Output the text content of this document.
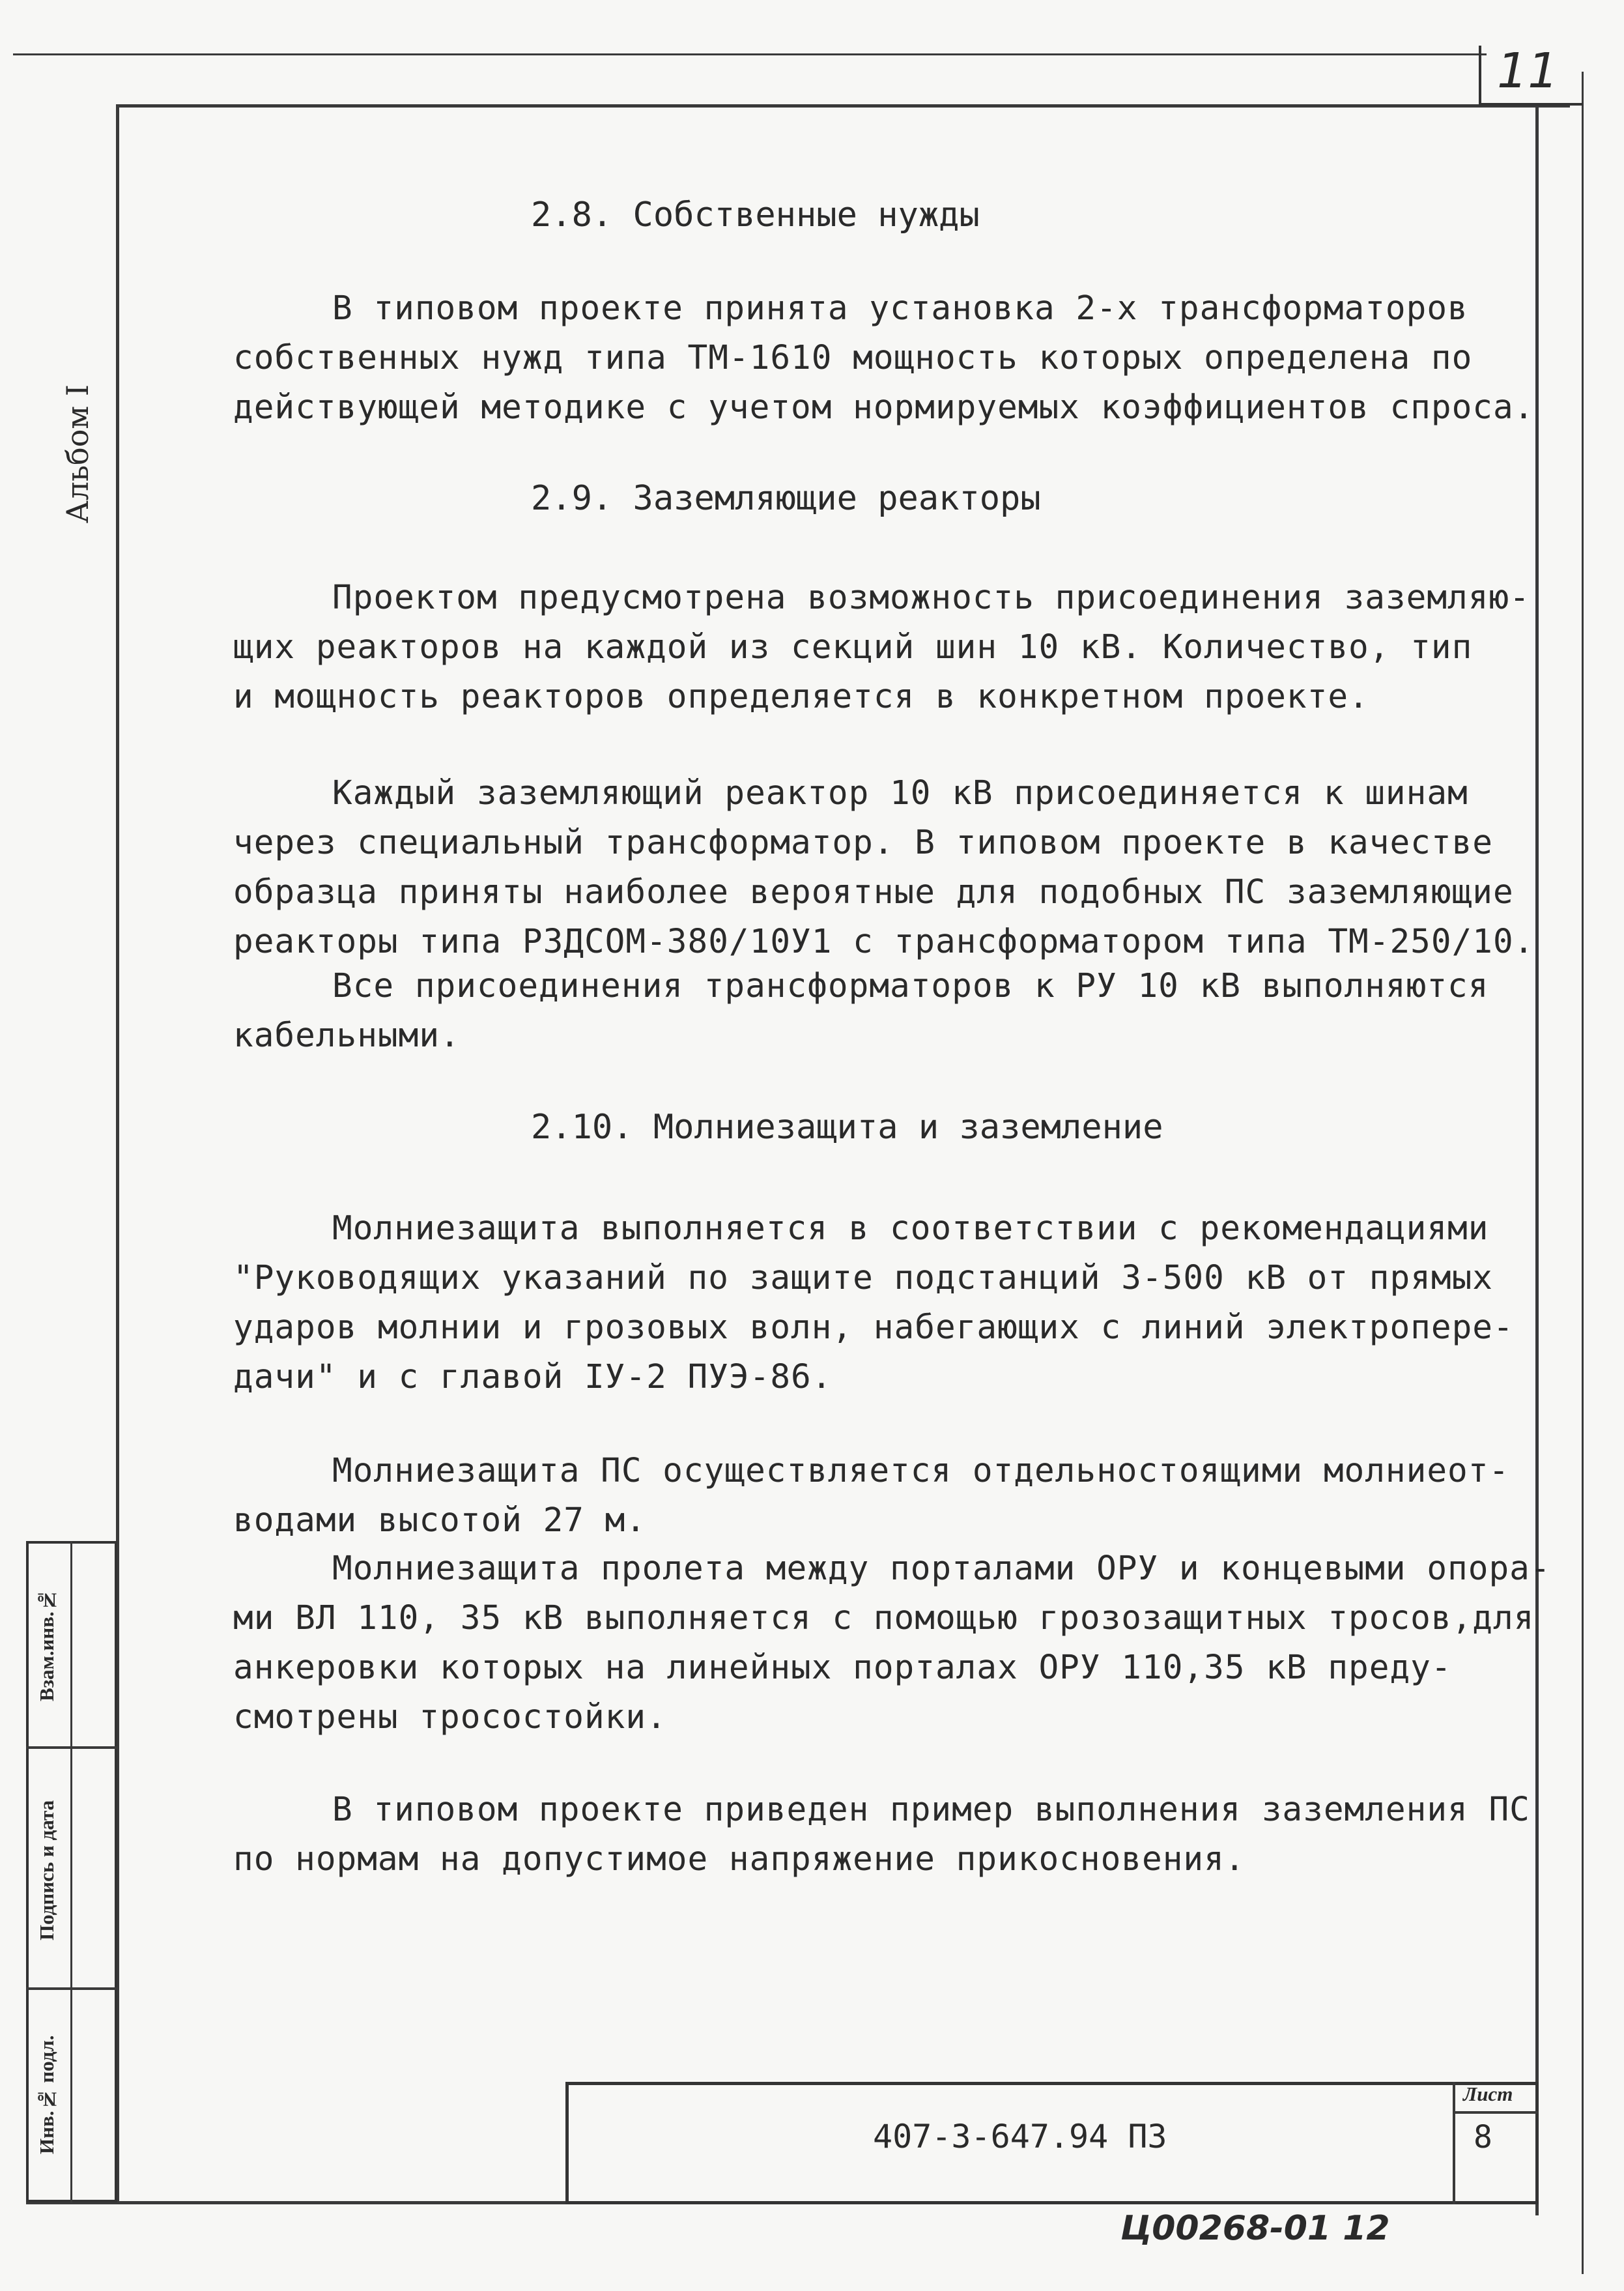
11
Альбом I
Взам.инв.№
Подпись и дата
Инв.№ подл.
2.8. Собственные нужды
В типовом проекте принята установка 2-х трансформаторов
собственных нужд типа ТМ-1610 мощность которых определена по
действующей методике с учетом нормируемых коэффициентов спроса.
2.9. Заземляющие реакторы
Проектом предусмотрена возможность присоединения заземляю-
щих реакторов на каждой из секций шин 10 кВ. Количество, тип
и мощность реакторов определяется в конкретном проекте.
Каждый заземляющий реактор 10 кВ присоединяется к шинам
через специальный трансформатор. В типовом проекте в качестве
образца приняты наиболее вероятные для подобных ПС заземляющие
реакторы типа РЗДСОМ-380/10У1 с трансформатором типа ТМ-250/10.
Все присоединения трансформаторов к РУ 10 кВ выполняются
кабельными.
2.10. Молниезащита и заземление
Молниезащита выполняется в соответствии с рекомендациями
"Руководящих указаний по защите подстанций 3-500 кВ от прямых
ударов молнии и грозовых волн, набегающих с линий электропере-
дачи" и с главой IУ-2 ПУЭ-86.
Молниезащита ПС осуществляется отдельностоящими молниеот-
водами высотой 27 м.
Молниезащита пролета между порталами ОРУ и концевыми опора-
ми ВЛ 110, 35 кВ выполняется с помощью грозозащитных тросов,для
анкеровки которых на линейных порталах ОРУ 110,35 кВ преду-
смотрены тросостойки.
В типовом проекте приведен пример выполнения заземления ПС
по нормам на допустимое напряжение прикосновения.
407-3-647.94 ПЗ
Лист
8
Ц00268-01 12
